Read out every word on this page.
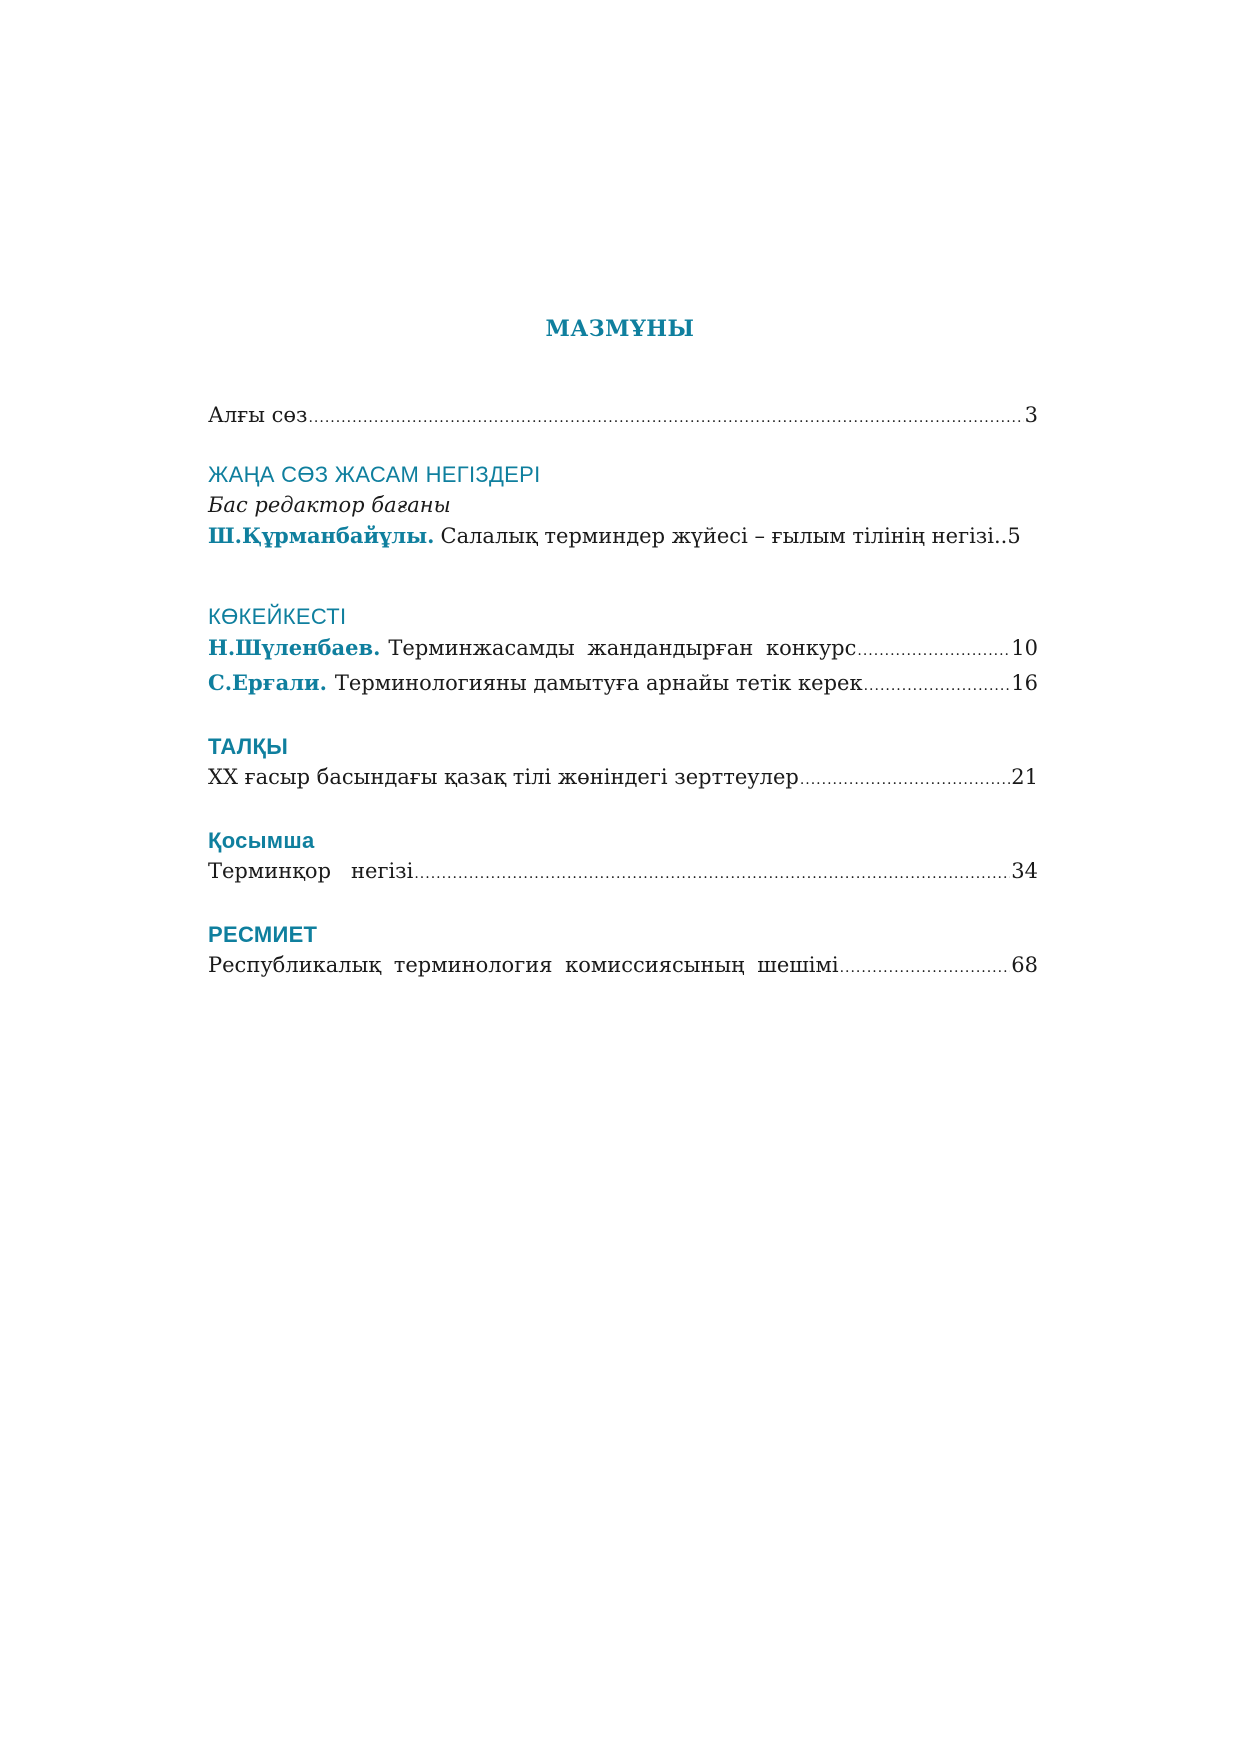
МАЗМҰНЫ
Алғы сөз .....	3
ЖАҢА СӨЗ ЖАСАМ НЕГІЗДЕРІ
Бас редактор бағаны
Ш.Құрманбайұлы. Салалық терминдер жүйесі – ғылым тілінің негізі. . 5
КӨКЕЙКЕСТІ
Н.Шүленбаев. Терминжасамды жандандырған конкурс .....	10
С.Ерғали. Терминологияны дамытуға арнайы тетік керек .....	16
ТАЛҚЫ
ХХ ғасыр басындағы қазақ тілі жөніндегі зерттеулер .....	21
Қосымша
Терминқор   негізі .....	34
РЕСМИЕТ
Республикалық терминология комиссиясының шешімі .....	68
